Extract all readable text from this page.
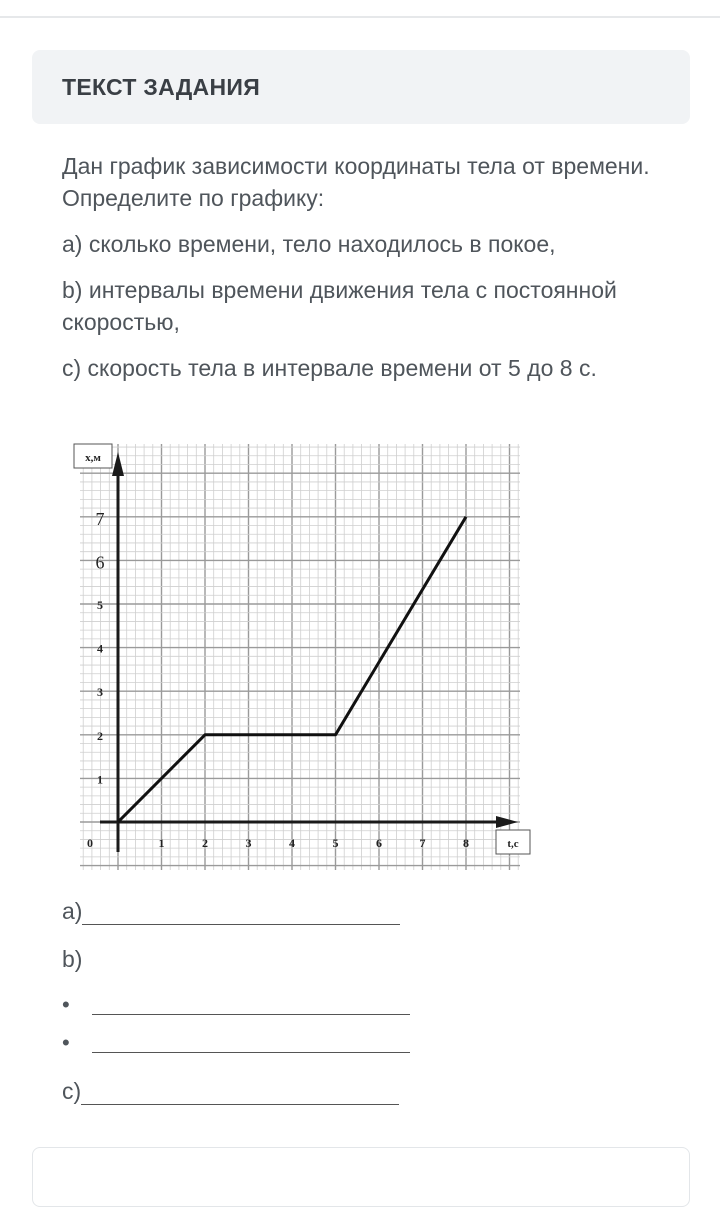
ТЕКСТ ЗАДАНИЯ

Дан график зависимости координаты тела от времени. Определите по графику:

a) сколько времени, тело находилось в покое,

b) интервалы времени движения тела с постоянной скоростью,

c) скорость тела в интервале времени от 5 до 8 с.

x,м
t,c
0	1	2	3	4	5	6	7	8
1
2
3
4
5
6
7
a)
b)
•
•
c)
